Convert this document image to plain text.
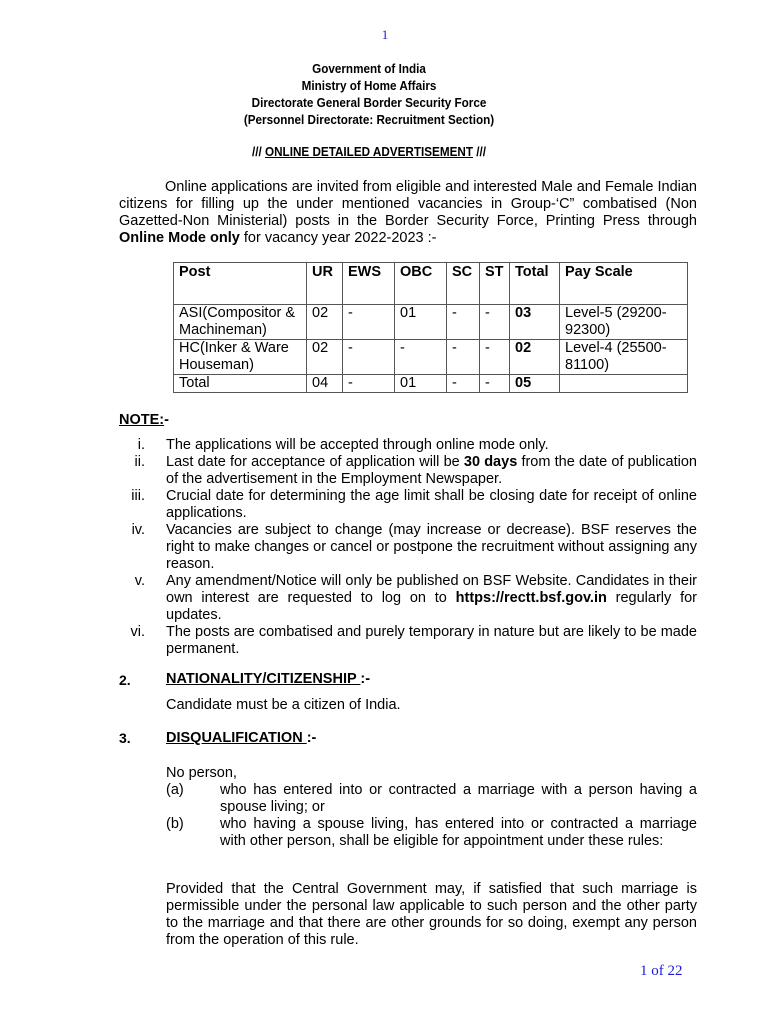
1
Government of India
Ministry of Home Affairs
Directorate General Border Security Force
(Personnel Directorate: Recruitment Section)
/// ONLINE DETAILED ADVERTISEMENT ///

Online applications are invited from eligible and interested Male and Female Indian citizens for filling up the under mentioned vacancies in Group-‘C” combatised (Non Gazetted-Non Ministerial) posts in the Border Security Force, Printing Press through Online Mode only for vacancy year 2022-2023 :-

Post	UR	EWS	OBC	SC	ST	Total	Pay Scale
ASI(Compositor & Machineman)	02	-	01	-	-	03	Level-5 (29200-92300)
HC(Inker & Ware Houseman)	02	-	-	-	-	02	Level-4 (25500-81100)
Total	04	-	01	-	-	05	
NOTE:-
i. The applications will be accepted through online mode only.
ii. Last date for acceptance of application will be 30 days from the date of publication of the advertisement in the Employment Newspaper.
iii. Crucial date for determining the age limit shall be closing date for receipt of online applications.
iv. Vacancies are subject to change (may increase or decrease). BSF reserves the right to make changes or cancel or postpone the recruitment without assigning any reason.
v. Any amendment/Notice will only be published on BSF Website. Candidates in their own interest are requested to log on to https://rectt.bsf.gov.in regularly for updates.
vi. The posts are combatised and purely temporary in nature but are likely to be made permanent.
2. NATIONALITY/CITIZENSHIP :-
Candidate must be a citizen of India.
3. DISQUALIFICATION :-
No person,
(a)	who has entered into or contracted a marriage with a person having a spouse living; or
(b)	who having a spouse living, has entered into or contracted a marriage with other person, shall be eligible for appointment under these rules:
Provided that the Central Government may, if satisfied that such marriage is permissible under the personal law applicable to such person and the other party to the marriage and that there are other grounds for so doing, exempt any person from the operation of this rule.
1 of 22
